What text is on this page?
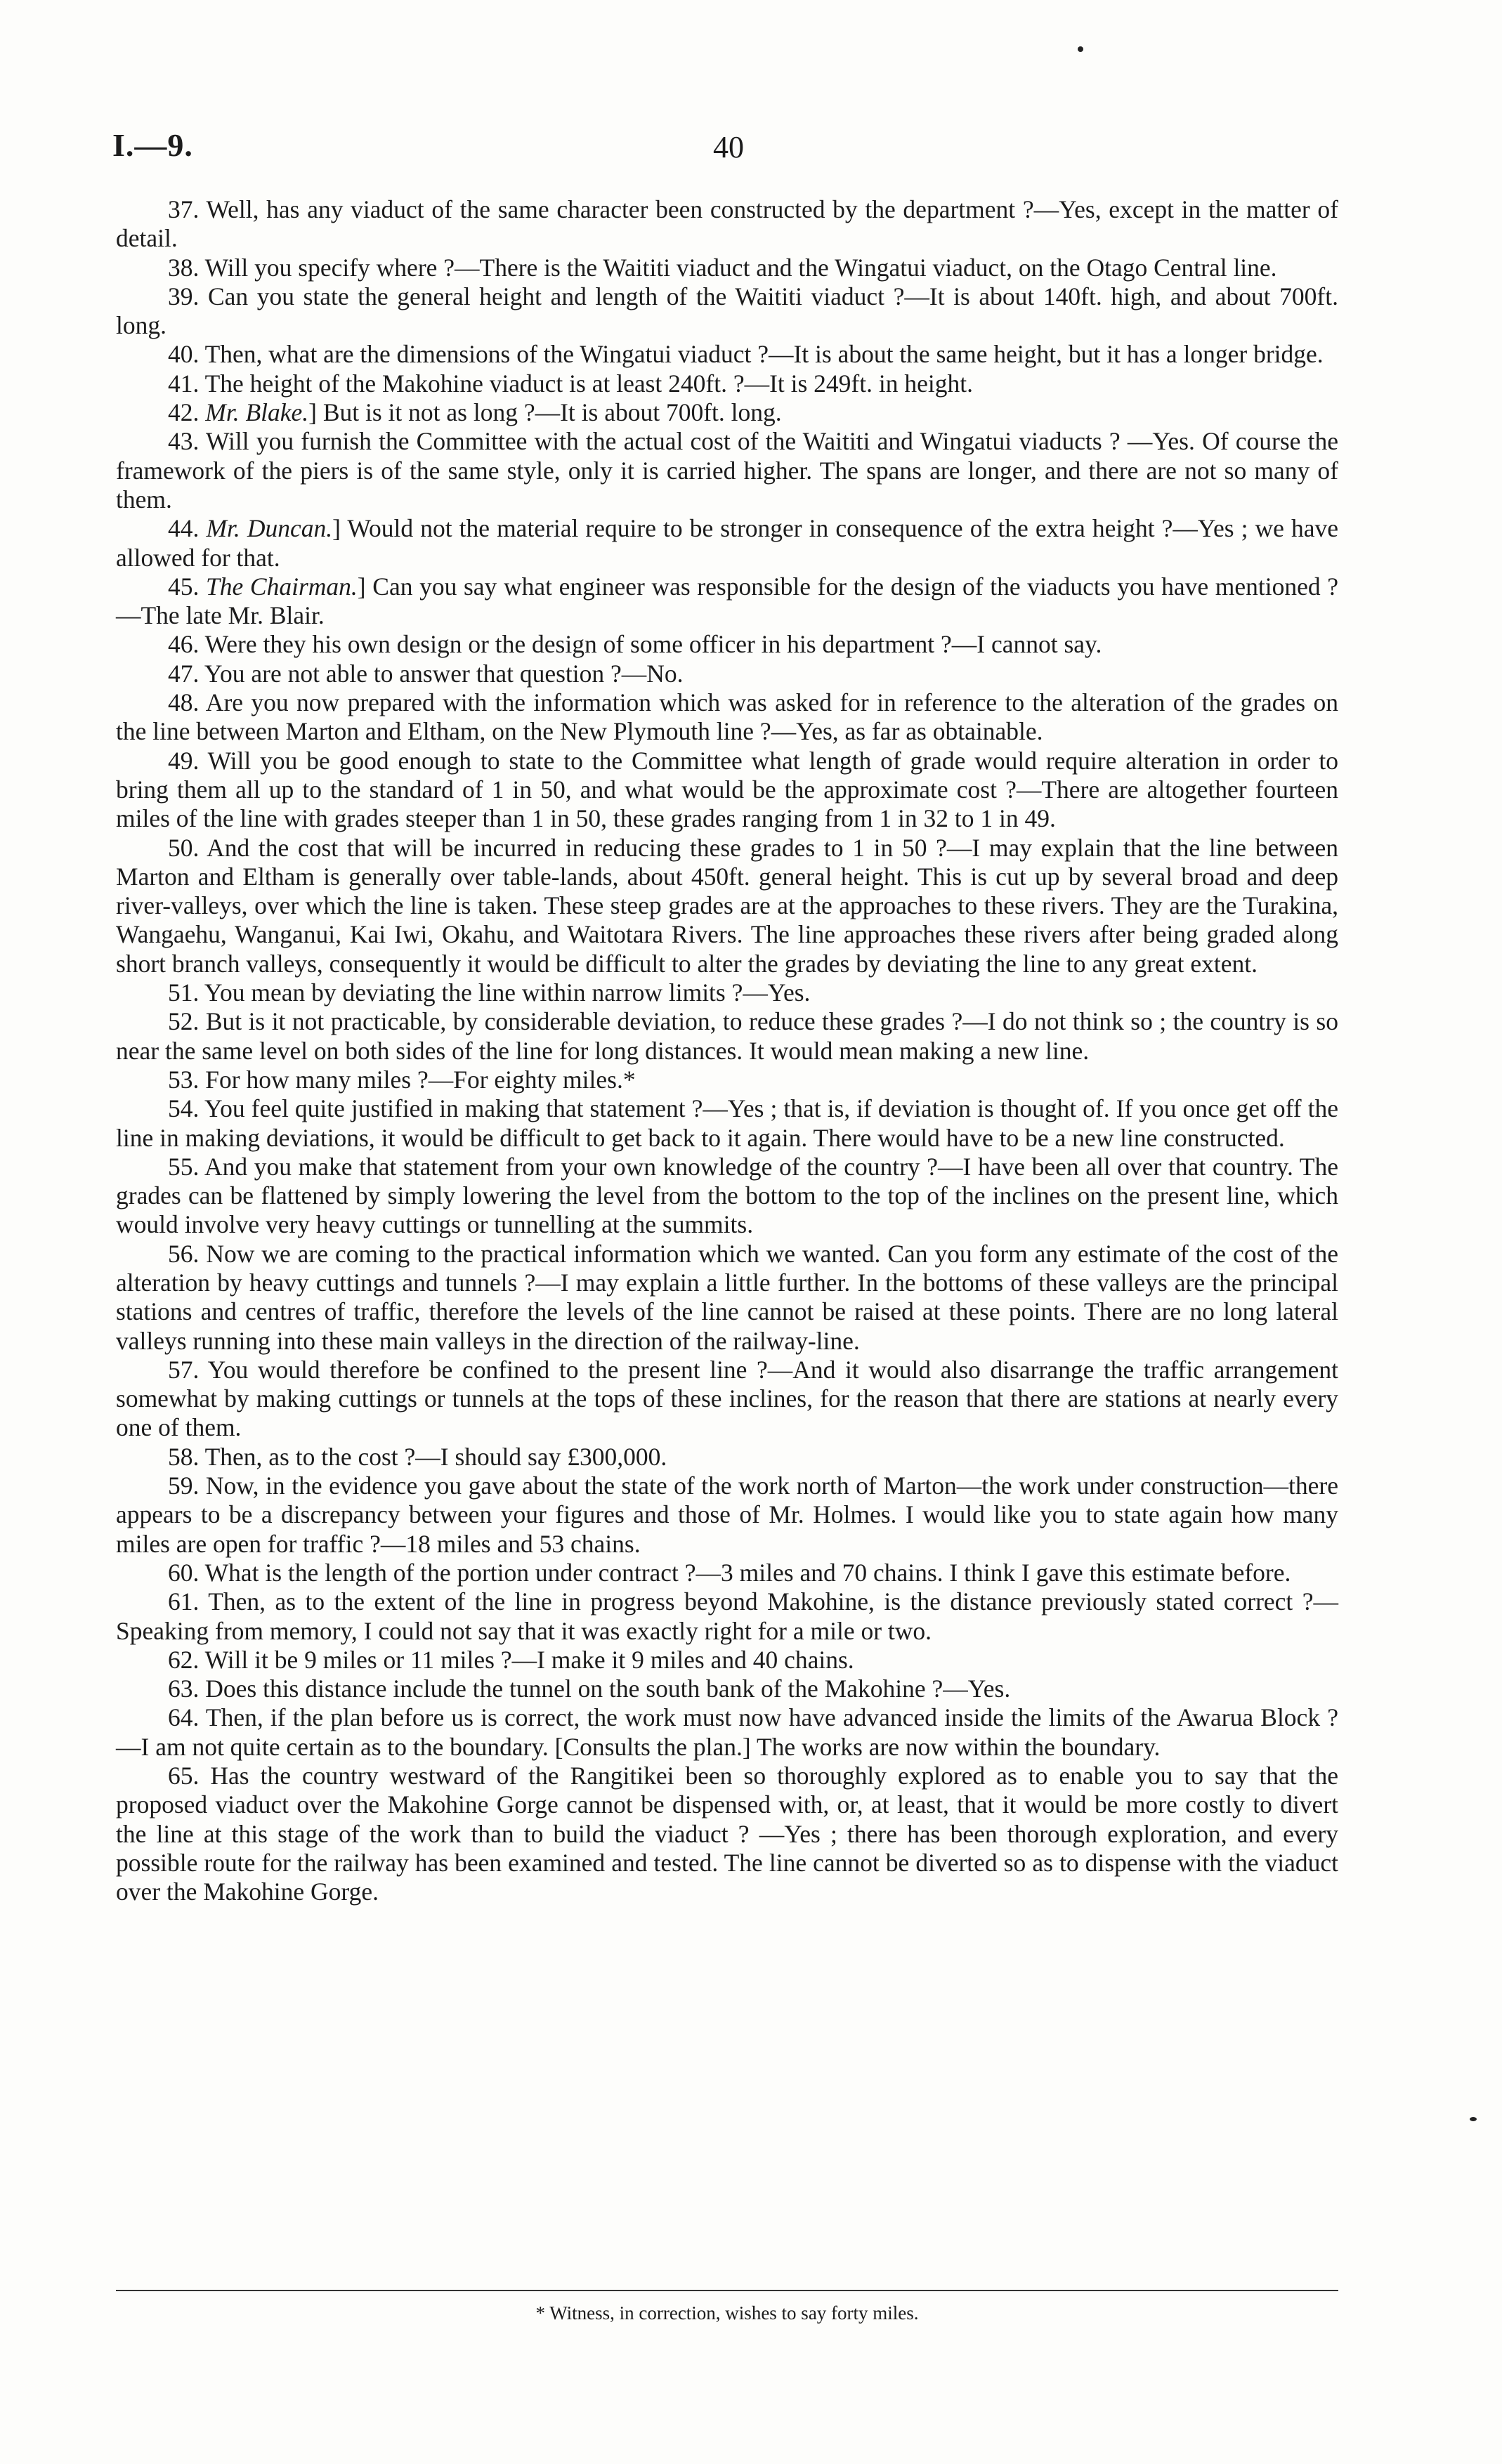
I.—9.	40

37. Well, has any viaduct of the same character been constructed by the department ?—Yes, except in the matter of detail.

38. Will you specify where ?—There is the Waititi viaduct and the Wingatui viaduct, on the Otago Central line.

39. Can you state the general height and length of the Waititi viaduct ?—It is about 140ft. high, and about 700ft. long.

40. Then, what are the dimensions of the Wingatui viaduct ?—It is about the same height, but it has a longer bridge.

41. The height of the Makohine viaduct is at least 240ft. ?—It is 249ft. in height.

42. Mr. Blake.] But is it not as long ?—It is about 700ft. long.

43. Will you furnish the Committee with the actual cost of the Waititi and Wingatui viaducts ? —Yes. Of course the framework of the piers is of the same style, only it is carried higher. The spans are longer, and there are not so many of them.

44. Mr. Duncan.] Would not the material require to be stronger in consequence of the extra height ?—Yes ; we have allowed for that.

45. The Chairman.] Can you say what engineer was responsible for the design of the viaducts you have mentioned ?—The late Mr. Blair.

46. Were they his own design or the design of some officer in his department ?—I cannot say.

47. You are not able to answer that question ?—No.

48. Are you now prepared with the information which was asked for in reference to the alteration of the grades on the line between Marton and Eltham, on the New Plymouth line ?—Yes, as far as obtainable.

49. Will you be good enough to state to the Committee what length of grade would require alteration in order to bring them all up to the standard of 1 in 50, and what would be the approximate cost ?—There are altogether fourteen miles of the line with grades steeper than 1 in 50, these grades ranging from 1 in 32 to 1 in 49.

50. And the cost that will be incurred in reducing these grades to 1 in 50 ?—I may explain that the line between Marton and Eltham is generally over table-lands, about 450ft. general height. This is cut up by several broad and deep river-valleys, over which the line is taken. These steep grades are at the approaches to these rivers. They are the Turakina, Wangaehu, Wanganui, Kai Iwi, Okahu, and Waitotara Rivers. The line approaches these rivers after being graded along short branch valleys, consequently it would be difficult to alter the grades by deviating the line to any great extent.

51. You mean by deviating the line within narrow limits ?—Yes.

52. But is it not practicable, by considerable deviation, to reduce these grades ?—I do not think so ; the country is so near the same level on both sides of the line for long distances. It would mean making a new line.

53. For how many miles ?—For eighty miles.*

54. You feel quite justified in making that statement ?—Yes ; that is, if deviation is thought of. If you once get off the line in making deviations, it would be difficult to get back to it again. There would have to be a new line constructed.

55. And you make that statement from your own knowledge of the country ?—I have been all over that country. The grades can be flattened by simply lowering the level from the bottom to the top of the inclines on the present line, which would involve very heavy cuttings or tunnelling at the summits.

56. Now we are coming to the practical information which we wanted. Can you form any estimate of the cost of the alteration by heavy cuttings and tunnels ?—I may explain a little further. In the bottoms of these valleys are the principal stations and centres of traffic, therefore the levels of the line cannot be raised at these points. There are no long lateral valleys running into these main valleys in the direction of the railway-line.

57. You would therefore be confined to the present line ?—And it would also disarrange the traffic arrangement somewhat by making cuttings or tunnels at the tops of these inclines, for the reason that there are stations at nearly every one of them.

58. Then, as to the cost ?—I should say £300,000.

59. Now, in the evidence you gave about the state of the work north of Marton—the work under construction—there appears to be a discrepancy between your figures and those of Mr. Holmes. I would like you to state again how many miles are open for traffic ?—18 miles and 53 chains.

60. What is the length of the portion under contract ?—3 miles and 70 chains. I think I gave this estimate before.

61. Then, as to the extent of the line in progress beyond Makohine, is the distance previously stated correct ?—Speaking from memory, I could not say that it was exactly right for a mile or two.

62. Will it be 9 miles or 11 miles ?—I make it 9 miles and 40 chains.

63. Does this distance include the tunnel on the south bank of the Makohine ?—Yes.

64. Then, if the plan before us is correct, the work must now have advanced inside the limits of the Awarua Block ?—I am not quite certain as to the boundary. [Consults the plan.] The works are now within the boundary.

65. Has the country westward of the Rangitikei been so thoroughly explored as to enable you to say that the proposed viaduct over the Makohine Gorge cannot be dispensed with, or, at least, that it would be more costly to divert the line at this stage of the work than to build the viaduct ? —Yes ; there has been thorough exploration, and every possible route for the railway has been examined and tested. The line cannot be diverted so as to dispense with the viaduct over the Makohine Gorge.

* Witness, in correction, wishes to say forty miles.
